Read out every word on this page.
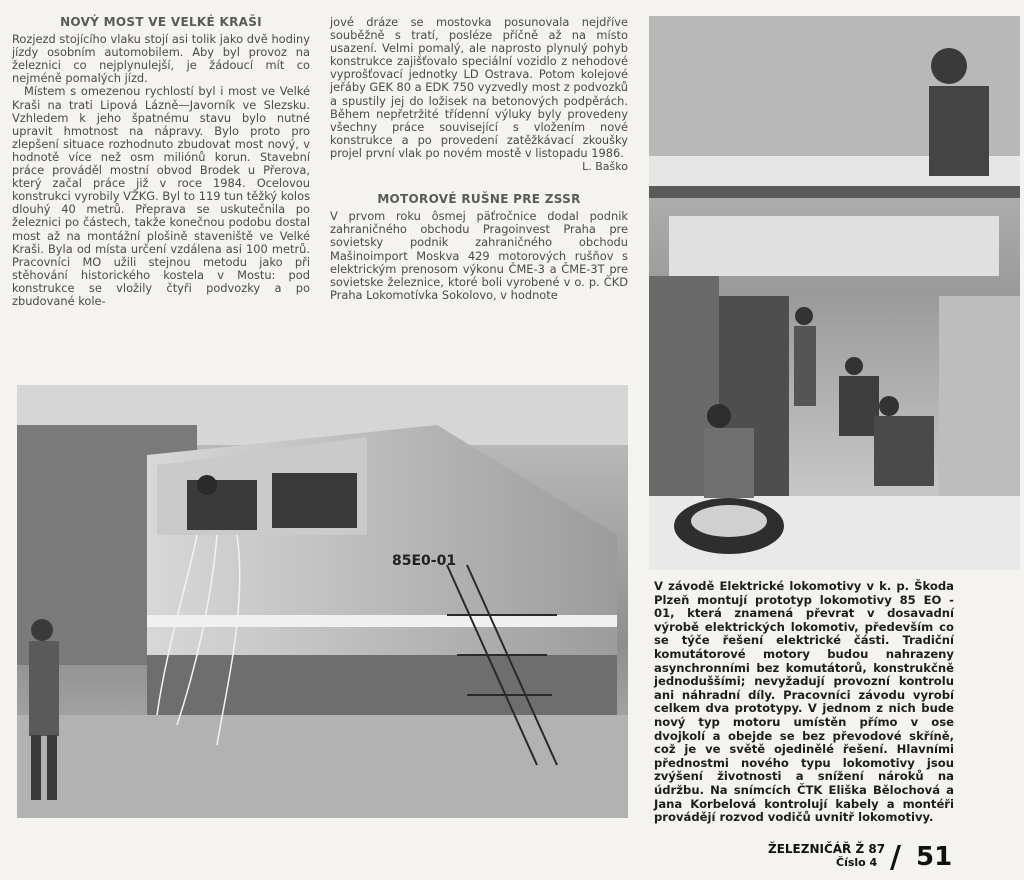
NOVÝ MOST VE VELKÉ KRAŠI

Rozjezd stojícího vlaku stojí asi tolik jako dvě hodiny jízdy osobním automobilem. Aby byl provoz na železnici co nejplynulejší, je žádoucí mít co nejméně pomalých jízd.

Místem s omezenou rychlostí byl i most ve Velké Kraši na trati Lipová Lázně—Javorník ve Slezsku. Vzhledem k jeho špatnému stavu bylo nutné upravit hmotnost na nápravy. Bylo proto pro zlepšení situace rozhodnuto zbudovat most nový, v hodnotě více než osm miliónů korun. Stavební práce prováděl mostní obvod Brodek u Přerova, který začal práce již v roce 1984. Ocelovou konstrukci vyrobily VŽKG. Byl to 119 tun těžký kolos dlouhý 40 metrů. Přeprava se uskutečnila po železnici po částech, takže konečnou podobu dostal most až na montážní plošině staveniště ve Velké Kraši. Byla od místa určení vzdálena asi 100 metrů. Pracovníci MO užili stejnou metodu jako při stěhování historického kostela v Mostu: pod konstrukce se vložily čtyři podvozky a po zbudované kole-

jové dráze se mostovka posunovala nejdříve souběžně s tratí, posléze příčně až na místo usazení. Velmi pomalý, ale naprosto plynulý pohyb konstrukce zajišťovalo speciální vozidlo z nehodové vyprošťovací jednotky LD Ostrava. Potom kolejové jeřáby GEK 80 a EDK 750 vyzvedly most z podvozků a spustily jej do ložisek na betonových podpěrách. Během nepřetržité třídenní výluky byly provedeny všechny práce související s vložením nové konstrukce a po provedení zatěžkávací zkoušky projel první vlak po novém mostě v listopadu 1986.

L. Baško

MOTOROVÉ RUŠNE PRE ZSSR

V prvom roku ôsmej päťročnice dodal podnik zahraničného obchodu Pragoinvest Praha pre sovietsky podnik zahraničného obchodu Mašinoimport Moskva 429 motorových rušňov s elektrickým prenosom výkonu ČME-3 a ČME-3T pre sovietske železnice, ktoré boli vyrobené v o. p. ČKD Praha Lokomotívka Sokolovo, v hodnote

85E0-01
V závodě Elektrické lokomotivy v k. p. Škoda Plzeň montují prototyp lokomotivy 85 EO - 01, která znamená převrat v dosavadní výrobě elektrických lokomotiv, především co se týče řešení elektrické části. Tradiční komutátorové motory budou nahrazeny asynchronními bez komutátorů, konstrukčně jednoduššími; nevyžadují provozní kontrolu ani náhradní díly. Pracovníci závodu vyrobí celkem dva prototypy. V jednom z nich bude nový typ motoru umístěn přímo v ose dvojkolí a obejde se bez převodové skříně, což je ve světě ojedinělé řešení. Hlavními přednostmi nového typu lokomotivy jsou zvýšení životnosti a snížení nároků na údržbu. Na snímcích ČTK Eliška Bělochová a Jana Korbelová kontrolují kabely a montéři provádějí rozvod vodičů uvnitř lokomotivy.
ŽELEZNIČÁŘ Ž 87
Číslo 4 / 51
